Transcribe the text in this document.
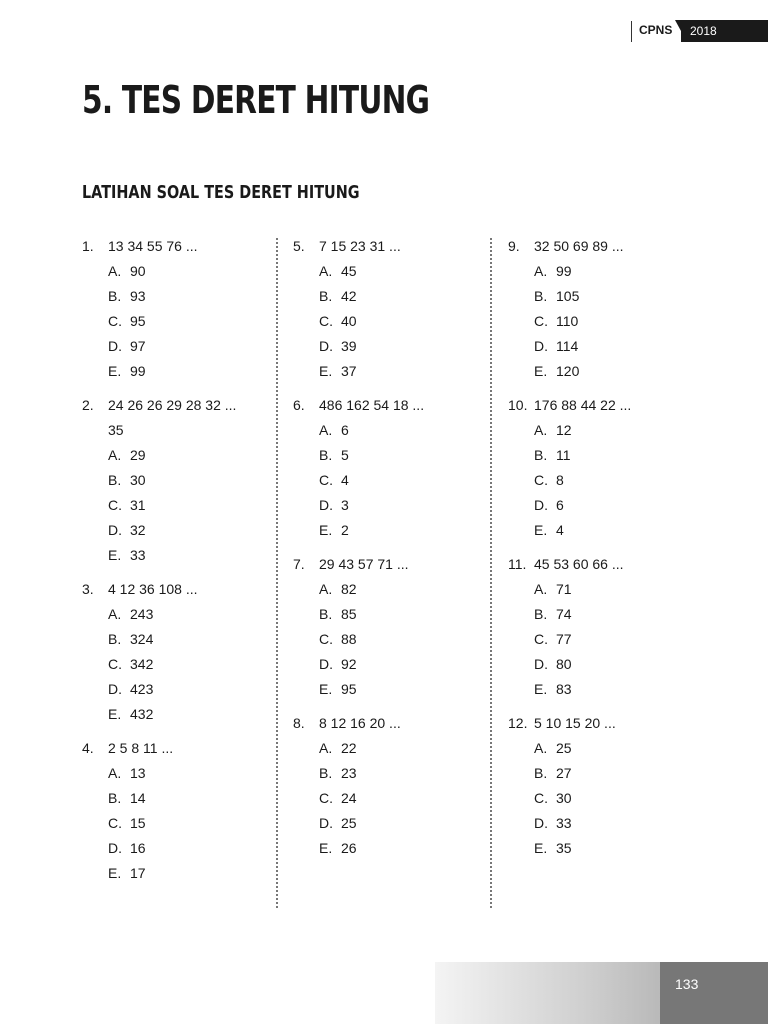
CPNS 2018
5. TES DERET HITUNG
LATIHAN SOAL TES DERET HITUNG
1. 13 34 55 76 ...
A. 90
B. 93
C. 95
D. 97
E. 99
2. 24 26 26 29 28 32 ...
35
A. 29
B. 30
C. 31
D. 32
E. 33
3. 4 12 36 108 ...
A. 243
B. 324
C. 342
D. 423
E. 432
4. 2 5 8 11 ...
A. 13
B. 14
C. 15
D. 16
E. 17
5. 7 15 23 31 ...
A. 45
B. 42
C. 40
D. 39
E. 37
6. 486 162 54 18 ...
A. 6
B. 5
C. 4
D. 3
E. 2
7. 29 43 57 71 ...
A. 82
B. 85
C. 88
D. 92
E. 95
8. 8 12 16 20 ...
A. 22
B. 23
C. 24
D. 25
E. 26
9. 32 50 69 89 ...
A. 99
B. 105
C. 110
D. 114
E. 120
10. 176 88 44 22 ...
A. 12
B. 11
C. 8
D. 6
E. 4
11. 45 53 60 66 ...
A. 71
B. 74
C. 77
D. 80
E. 83
12. 5 10 15 20 ...
A. 25
B. 27
C. 30
D. 33
E. 35
133
